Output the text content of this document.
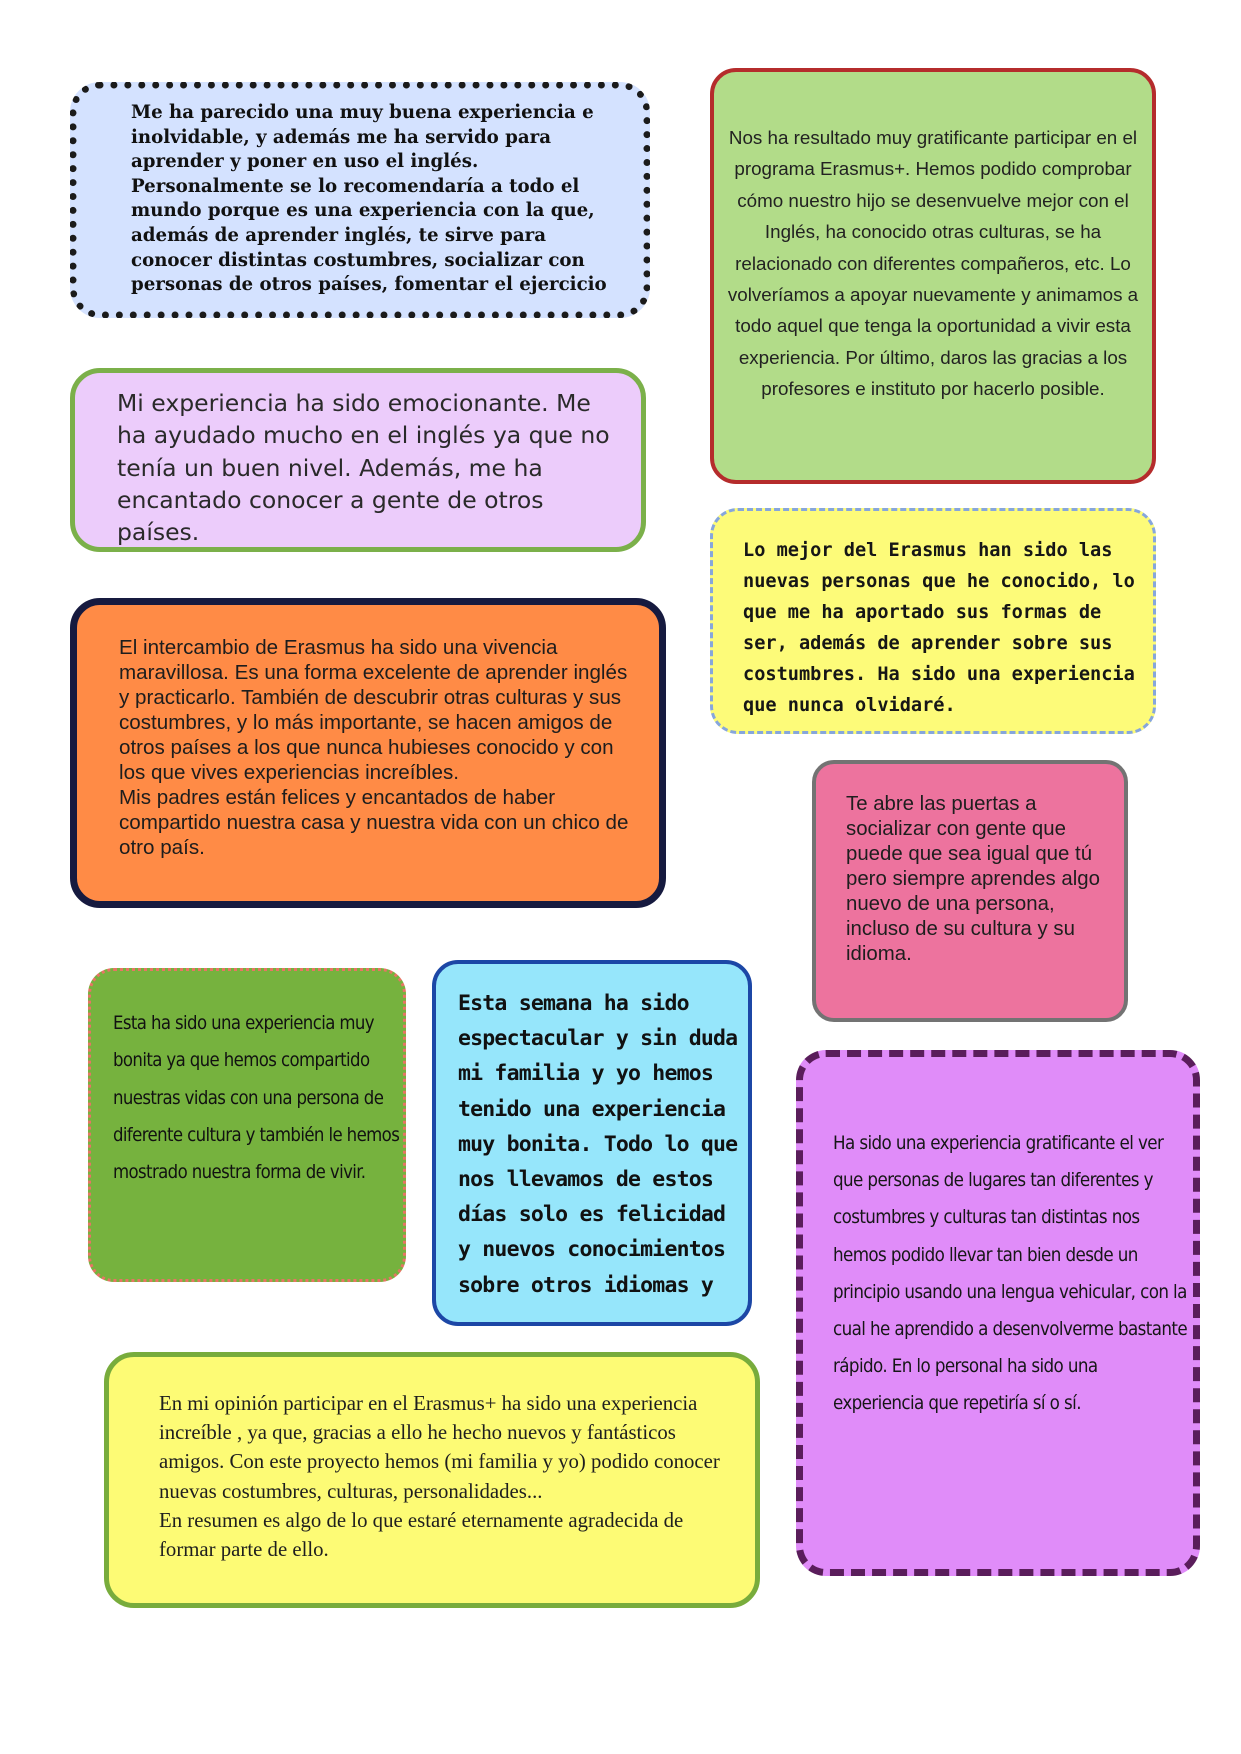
Me ha parecido una muy buena experiencia e inolvidable, y además me ha servido para aprender y poner en uso el inglés. Personalmente se lo recomendaría a todo el mundo porque es una experiencia con la que, además de aprender inglés, te sirve para conocer distintas costumbres, socializar con personas de otros países, fomentar el ejercicio

Nos ha resultado muy gratificante participar en el programa Erasmus+. Hemos podido comprobar cómo nuestro hijo se desenvuelve mejor con el Inglés, ha conocido otras culturas, se ha relacionado con diferentes compañeros, etc. Lo volveríamos a apoyar nuevamente y animamos a todo aquel que tenga la oportunidad a vivir esta experiencia. Por último, daros las gracias a los profesores e instituto por hacerlo posible.

Mi experiencia ha sido emocionante. Me ha ayudado mucho en el inglés ya que no tenía un buen nivel. Además, me ha encantado conocer a gente de otros países.

Lo mejor del Erasmus han sido las nuevas personas que he conocido, lo que me ha aportado sus formas de ser, además de aprender sobre sus costumbres. Ha sido una experiencia que nunca olvidaré.

El intercambio de Erasmus ha sido una vivencia maravillosa. Es una forma excelente de aprender inglés y practicarlo. También de descubrir otras culturas y sus costumbres, y lo más importante, se hacen amigos de otros países a los que nunca hubieses conocido y con los que vives experiencias increíbles.
Mis padres están felices y encantados de haber compartido nuestra casa y nuestra vida con un chico de otro país.

Te abre las puertas a socializar con gente que puede que sea igual que tú pero siempre aprendes algo nuevo de una persona, incluso de su cultura y su idioma.

Esta ha sido una experiencia muy bonita ya que hemos compartido nuestras vidas con una persona de diferente cultura y también le hemos mostrado nuestra forma de vivir.

Esta semana ha sido espectacular y sin duda mi familia y yo hemos tenido una experiencia muy bonita. Todo lo que nos llevamos de estos días solo es felicidad y nuevos conocimientos sobre otros idiomas y

Ha sido una experiencia gratificante el ver que personas de lugares tan diferentes y costumbres y culturas tan distintas nos hemos podido llevar tan bien desde un principio usando una lengua vehicular, con la cual he aprendido a desenvolverme bastante rápido. En lo personal ha sido una experiencia que repetiría sí o sí.

En mi opinión participar en el Erasmus+ ha sido una experiencia increíble , ya que, gracias a ello he hecho nuevos y fantásticos amigos. Con este proyecto hemos (mi familia y yo) podido conocer nuevas costumbres, culturas, personalidades...
En resumen es algo de lo que estaré eternamente agradecida de formar parte de ello.
